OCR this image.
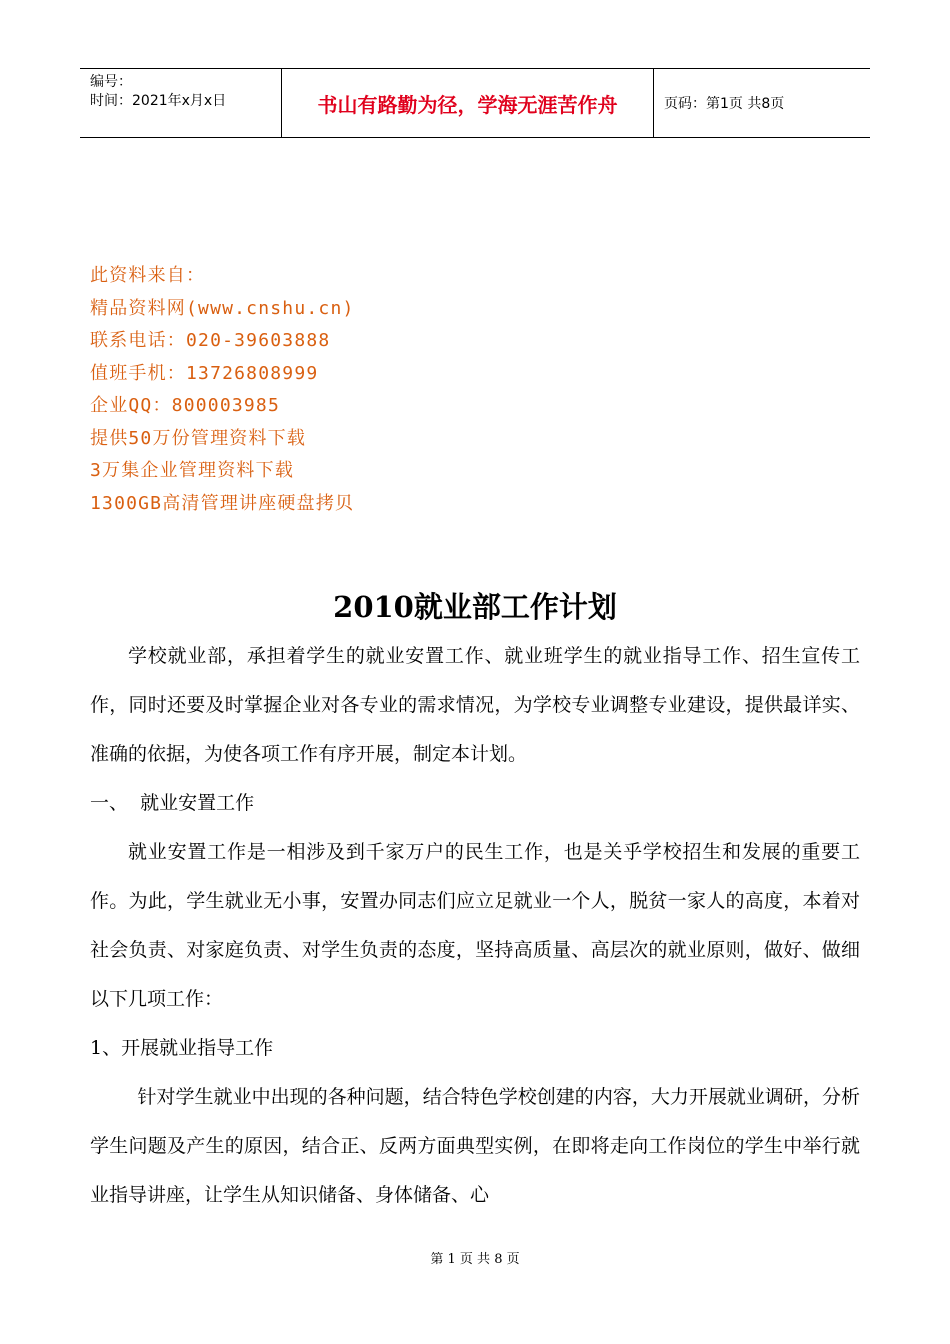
编号：
时间：2021年x月x日	书山有路勤为径，学海无涯苦作舟	页码：第1页 共8页
此资料来自：
精品资料网(www.cnshu.cn)
联系电话：020-39603888
值班手机：13726808999
企业QQ：800003985
提供50万份管理资料下载
3万集企业管理资料下载
1300GB高清管理讲座硬盘拷贝
2010就业部工作计划

学校就业部，承担着学生的就业安置工作、就业班学生的就业指导工作、招生宣传工作，同时还要及时掌握企业对各专业的需求情况，为学校专业调整专业建设，提供最详实、准确的依据，为使各项工作有序开展，制定本计划。

一、  就业安置工作

就业安置工作是一相涉及到千家万户的民生工作，也是关乎学校招生和发展的重要工作。为此，学生就业无小事，安置办同志们应立足就业一个人，脱贫一家人的高度，本着对社会负责、对家庭负责、对学生负责的态度，坚持高质量、高层次的就业原则，做好、做细以下几项工作：

1、开展就业指导工作

针对学生就业中出现的各种问题，结合特色学校创建的内容，大力开展就业调研，分析学生问题及产生的原因，结合正、反两方面典型实例，在即将走向工作岗位的学生中举行就业指导讲座，让学生从知识储备、身体储备、心

第 1 页 共 8 页
